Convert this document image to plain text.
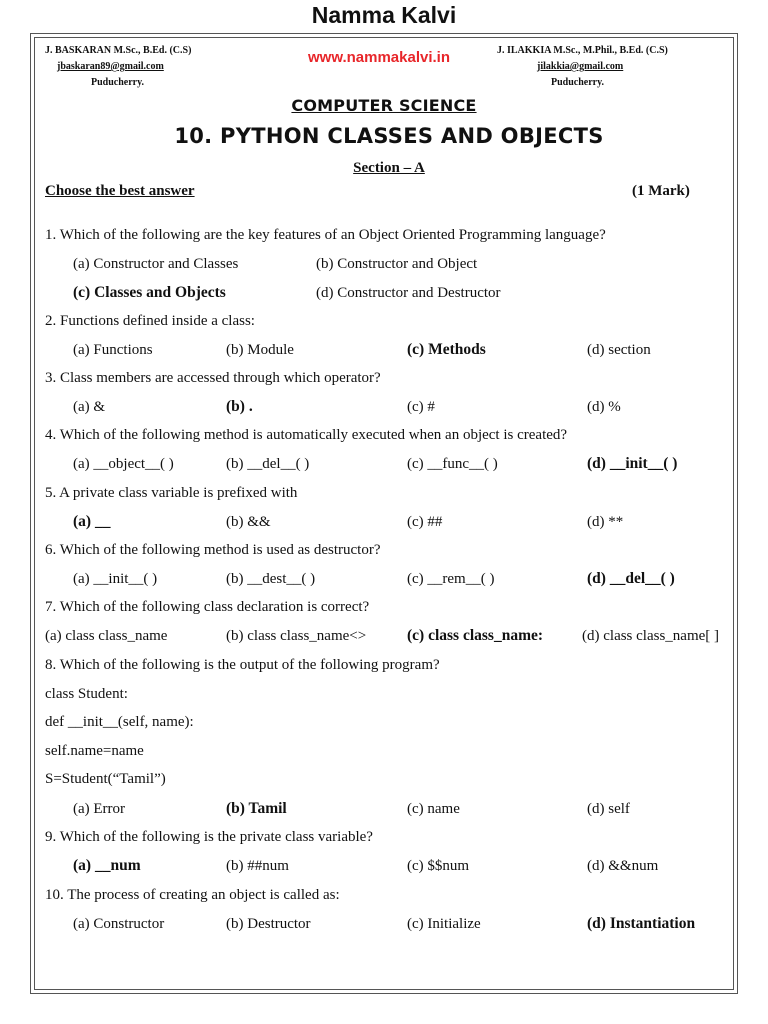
Namma Kalvi
J. BASKARAN M.Sc., B.Ed. (C.S)
jbaskaran89@gmail.com
Puducherry.
www.nammakalvi.in	J. ILAKKIA M.Sc., M.Phil., B.Ed. (C.S)
jilakkia@gmail.com
Puducherry.
COMPUTER SCIENCE
10. PYTHON CLASSES AND OBJECTS
Section – A
Choose the best answer	(1 Mark)
1. Which of the following are the key features of an Object Oriented Programming language?
(a) Constructor and Classes	(b) Constructor and Object
(c) Classes and Objects	(d) Constructor and Destructor
2. Functions defined inside a class:
(a) Functions	(b) Module	(c) Methods	(d) section
3. Class members are accessed through which operator?
(a) &	(b) .	(c) #	(d) %
4. Which of the following method is automatically executed when an object is created?
(a) __object__( )	(b) __del__( )	(c) __func__( )	(d) __init__( )
5. A private class variable is prefixed with
(a) __	(b) &&	(c) ##	(d) **
6. Which of the following method is used as destructor?
(a) __init__( )	(b) __dest__( )	(c) __rem__( )	(d) __del__( )
7. Which of the following class declaration is correct?
(a) class class_name	(b) class class_name<>	(c) class class_name:	(d) class class_name[ ]
8. Which of the following is the output of the following program?
class Student:
def __init__(self, name):
self.name=name
S=Student(“Tamil”)
(a) Error	(b) Tamil	(c) name	(d) self
9. Which of the following is the private class variable?
(a) __num	(b) ##num	(c) $$num	(d) &&num
10. The process of creating an object is called as:
(a) Constructor	(b) Destructor	(c) Initialize	(d) Instantiation
